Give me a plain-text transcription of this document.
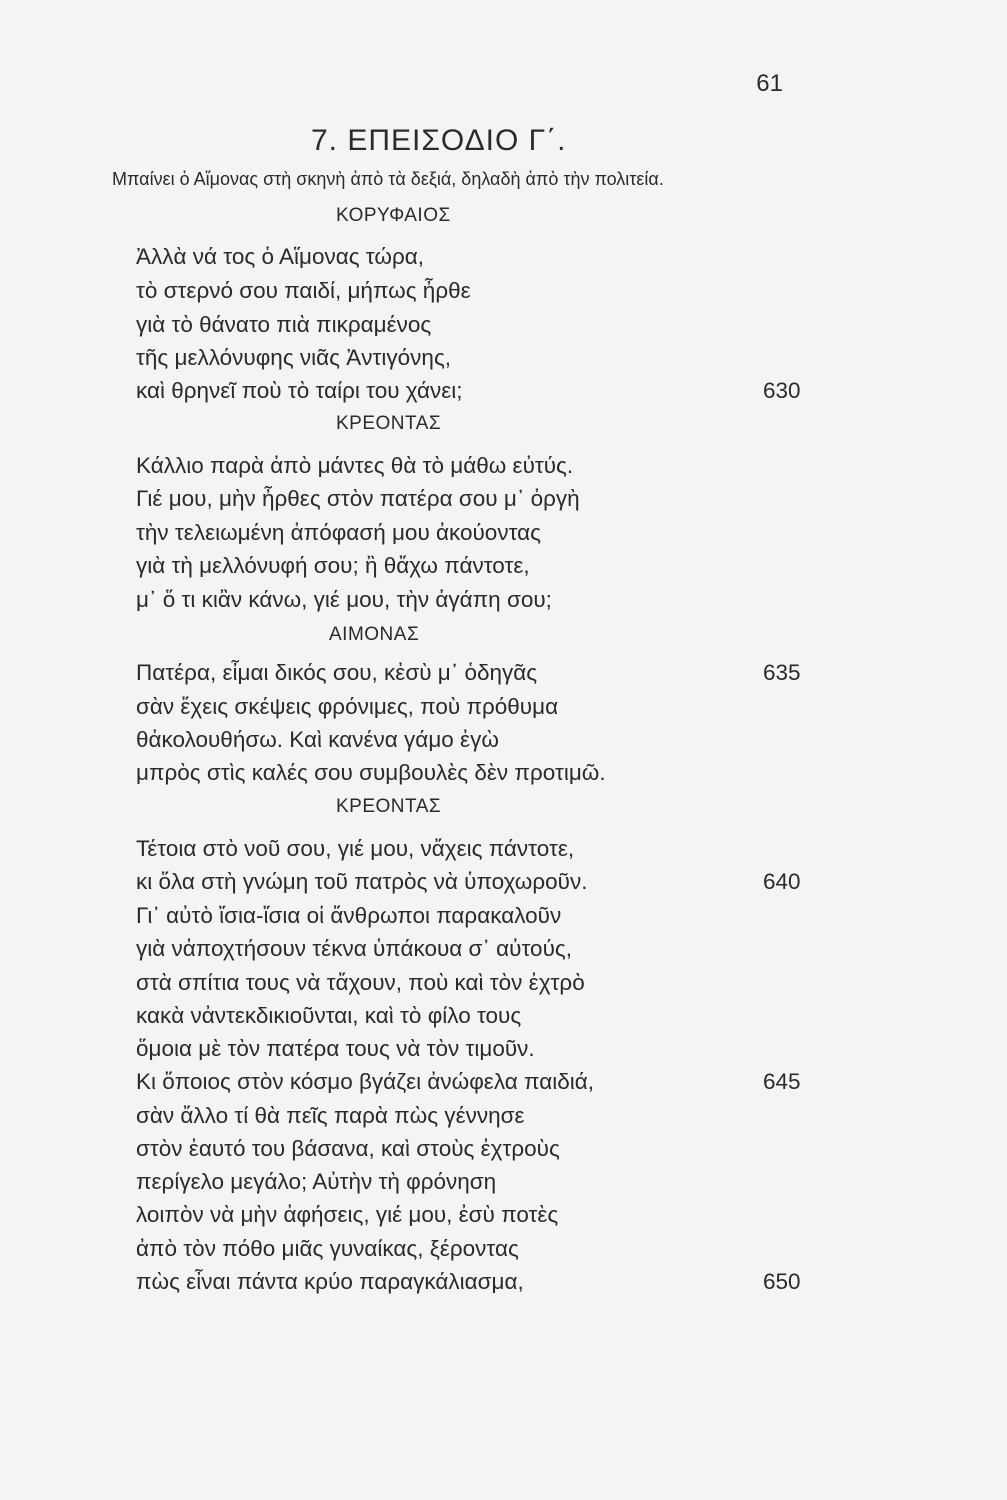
61
7. ΕΠΕΙΣΟΔΙΟ Γ΄.
Μπαίνει ὁ Αἵμονας στὴ σκηνὴ ἀπὸ τὰ δεξιά, δηλαδὴ ἀπὸ τὴν πολιτεία.
ΚΟΡΥΦΑΙΟΣ
ΚΡΕΟΝΤΑΣ
ΑΙΜΟΝΑΣ
ΚΡΕΟΝΤΑΣ
Ἀλλὰ νά τος ὁ Αἵμονας τώρα,
τὸ στερνό σου παιδί, μήπως ἦρθε
γιὰ τὸ θάνατο πιὰ πικραμένος
τῆς μελλόνυφης νιᾶς Ἀντιγόνης,
καὶ θρηνεῖ ποὺ τὸ ταίρι του χάνει;
Κάλλιο παρὰ ἀπὸ μάντες θὰ τὸ μάθω εὐτύς.
Γιέ μου, μὴν ἦρθες στὸν πατέρα σου μ᾿ ὀργὴ
τὴν τελειωμένη ἀπόφασή μου ἀκούοντας
γιὰ τὴ μελλόνυφή σου; ἢ θἄχω πάντοτε,
μ᾿ ὅ τι κιἂν κάνω, γιέ μου, τὴν ἀγάπη σου;
Πατέρα, εἶμαι δικός σου, κἐσὺ μ᾿ ὁδηγᾶς
σὰν ἔχεις σκέψεις φρόνιμες, ποὺ πρόθυμα
θἀκολουθήσω. Καὶ κανένα γάμο ἐγὼ
μπρὸς στὶς καλές σου συμβουλὲς δὲν προτιμῶ.
Τέτοια στὸ νοῦ σου, γιέ μου, νἄχεις πάντοτε,
κι ὅλα στὴ γνώμη τοῦ πατρὸς νὰ ὑποχωροῦν.
Γι᾿ αὐτὸ ἴσια-ἴσια οἱ ἄνθρωποι παρακαλοῦν
γιὰ νἀποχτήσουν τέκνα ὑπάκουα σ᾿ αὐτούς,
στὰ σπίτια τους νὰ τἄχουν, ποὺ καὶ τὸν ἐχτρὸ
κακὰ νἀντεκδικιοῦνται, καὶ τὸ φίλο τους
ὅμοια μὲ τὸν πατέρα τους νὰ τὸν τιμοῦν.
Κι ὅποιος στὸν κόσμο βγάζει ἀνώφελα παιδιά,
σὰν ἄλλο τί θὰ πεῖς παρὰ πὼς γέννησε
στὸν ἑαυτό του βάσανα, καὶ στοὺς ἐχτροὺς
περίγελο μεγάλο; Αὐτὴν τὴ φρόνηση
λοιπὸν νὰ μὴν ἀφήσεις, γιέ μου, ἐσὺ ποτὲς
ἀπὸ τὸν πόθο μιᾶς γυναίκας, ξέροντας
πὼς εἶναι πάντα κρύο παραγκάλιασμα,
630
635
640
645
650
